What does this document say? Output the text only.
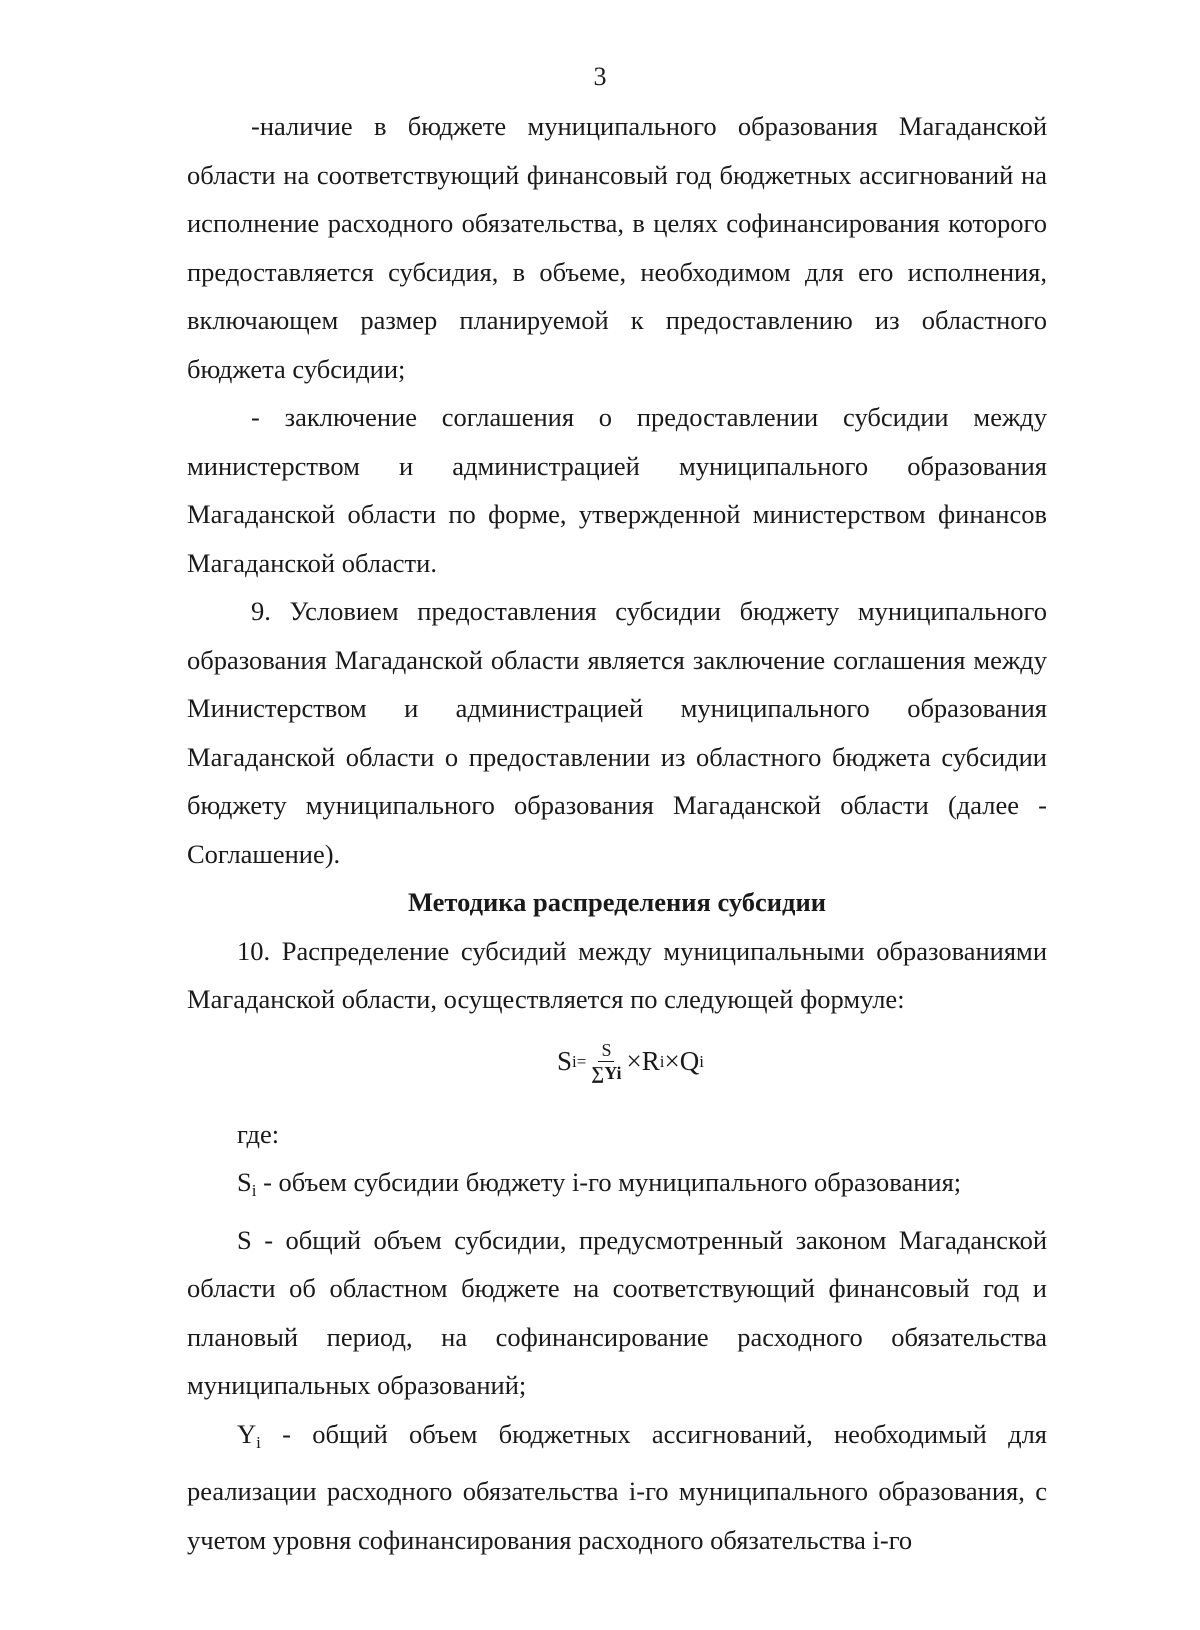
3

-наличие в бюджете муниципального образования Магаданской области на соответствующий финансовый год бюджетных ассигнований на исполнение расходного обязательства, в целях софинансирования которого предоставляется субсидия, в объеме, необходимом для его исполнения, включающем размер планируемой к предоставлению из областного бюджета субсидии;

- заключение соглашения о предоставлении субсидии между министерством и администрацией муниципального образования Магаданской области по форме, утвержденной министерством финансов Магаданской области.

9. Условием предоставления субсидии бюджету муниципального образования Магаданской области является заключение соглашения между Министерством и администрацией муниципального образования Магаданской области о предоставлении из областного бюджета субсидии бюджету муниципального образования Магаданской области (далее - Соглашение).

Методика распределения субсидии

10. Распределение субсидий между муниципальными образованиями Магаданской области, осуществляется по следующей формуле:

S $i = \frac{S}{\sum Yi} \times R$ i ×Q i

где:

$S_i$ - объем субсидии бюджету i-го муниципального образования;

S - общий объем субсидии, предусмотренный законом Магаданской области об областном бюджете на соответствующий финансовый год и плановый период, на софинансирование расходного обязательства муниципальных образований;

$Y_i$ - общий объем бюджетных ассигнований, необходимый для реализации расходного обязательства i-го муниципального образования, с учетом уровня софинансирования расходного обязательства i-го
